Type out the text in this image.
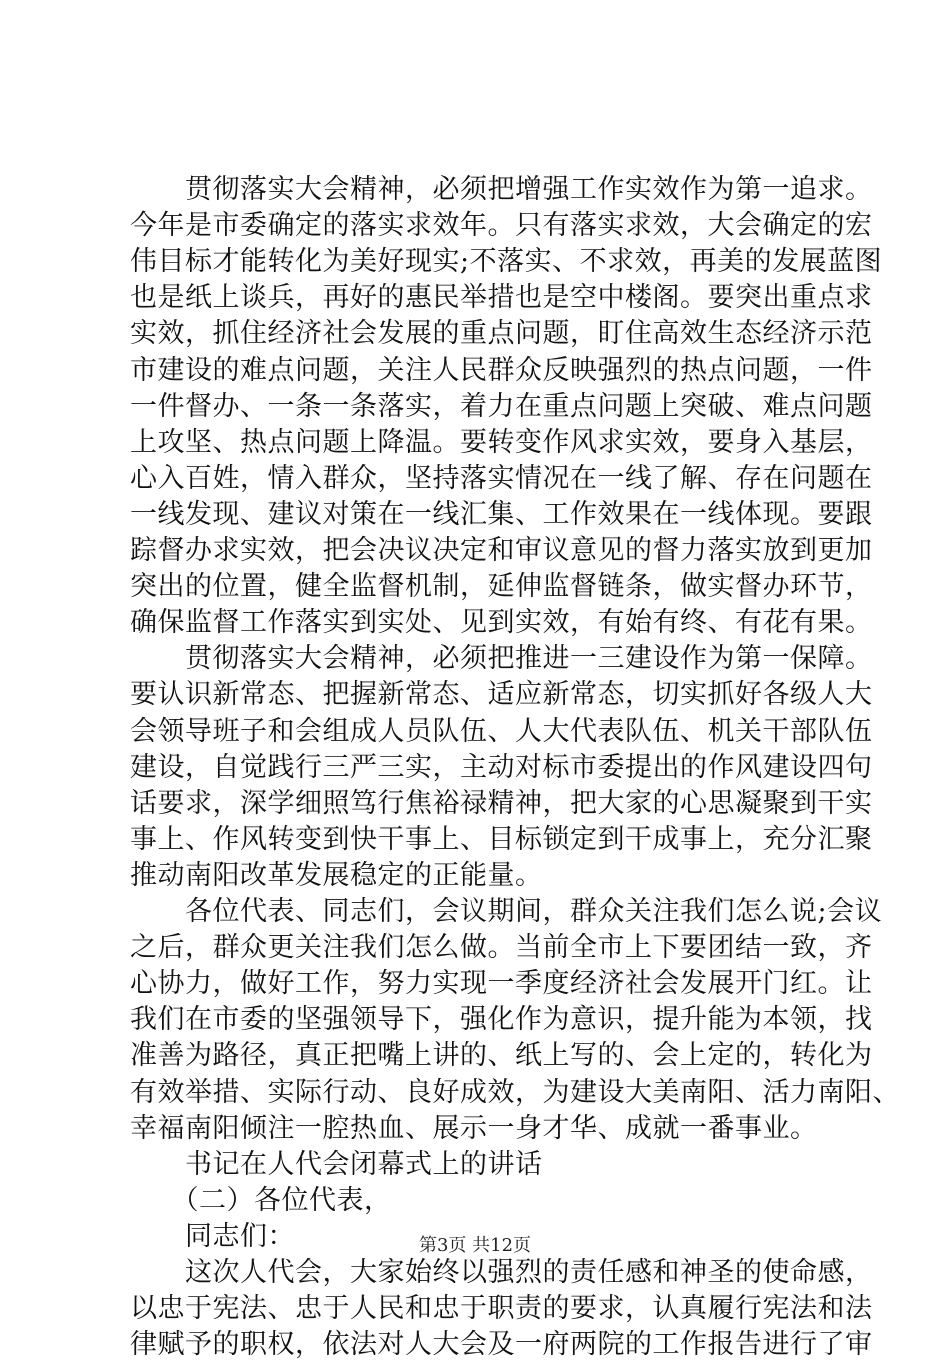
　　贯彻落实大会精神，必须把增强工作实效作为第一追求。
今年是市委确定的落实求效年。只有落实求效，大会确定的宏
伟目标才能转化为美好现实;不落实、不求效，再美的发展蓝图
也是纸上谈兵，再好的惠民举措也是空中楼阁。要突出重点求
实效，抓住经济社会发展的重点问题，盯住高效生态经济示范
市建设的难点问题，关注人民群众反映强烈的热点问题，一件
一件督办、一条一条落实，着力在重点问题上突破、难点问题
上攻坚、热点问题上降温。要转变作风求实效，要身入基层，
心入百姓，情入群众，坚持落实情况在一线了解、存在问题在
一线发现、建议对策在一线汇集、工作效果在一线体现。要跟
踪督办求实效，把会决议决定和审议意见的督力落实放到更加
突出的位置，健全监督机制，延伸监督链条，做实督办环节，
确保监督工作落实到实处、见到实效，有始有终、有花有果。
　　贯彻落实大会精神，必须把推进一三建设作为第一保障。
要认识新常态、把握新常态、适应新常态，切实抓好各级人大
会领导班子和会组成人员队伍、人大代表队伍、机关干部队伍
建设，自觉践行三严三实，主动对标市委提出的作风建设四句
话要求，深学细照笃行焦裕禄精神，把大家的心思凝聚到干实
事上、作风转变到快干事上、目标锁定到干成事上，充分汇聚
推动南阳改革发展稳定的正能量。
　　各位代表、同志们，会议期间，群众关注我们怎么说;会议
之后，群众更关注我们怎么做。当前全市上下要团结一致，齐
心协力，做好工作，努力实现一季度经济社会发展开门红。让
我们在市委的坚强领导下，强化作为意识，提升能为本领，找
准善为路径，真正把嘴上讲的、纸上写的、会上定的，转化为
有效举措、实际行动、良好成效，为建设大美南阳、活力南阳、
幸福南阳倾注一腔热血、展示一身才华、成就一番事业。
　　书记在人代会闭幕式上的讲话
　　（二）各位代表，
　　同志们：
　　这次人代会，大家始终以强烈的责任感和神圣的使命感，
以忠于宪法、忠于人民和忠于职责的要求，认真履行宪法和法
律赋予的职权，依法对人大会及一府两院的工作报告进行了审
第3页 共12页
